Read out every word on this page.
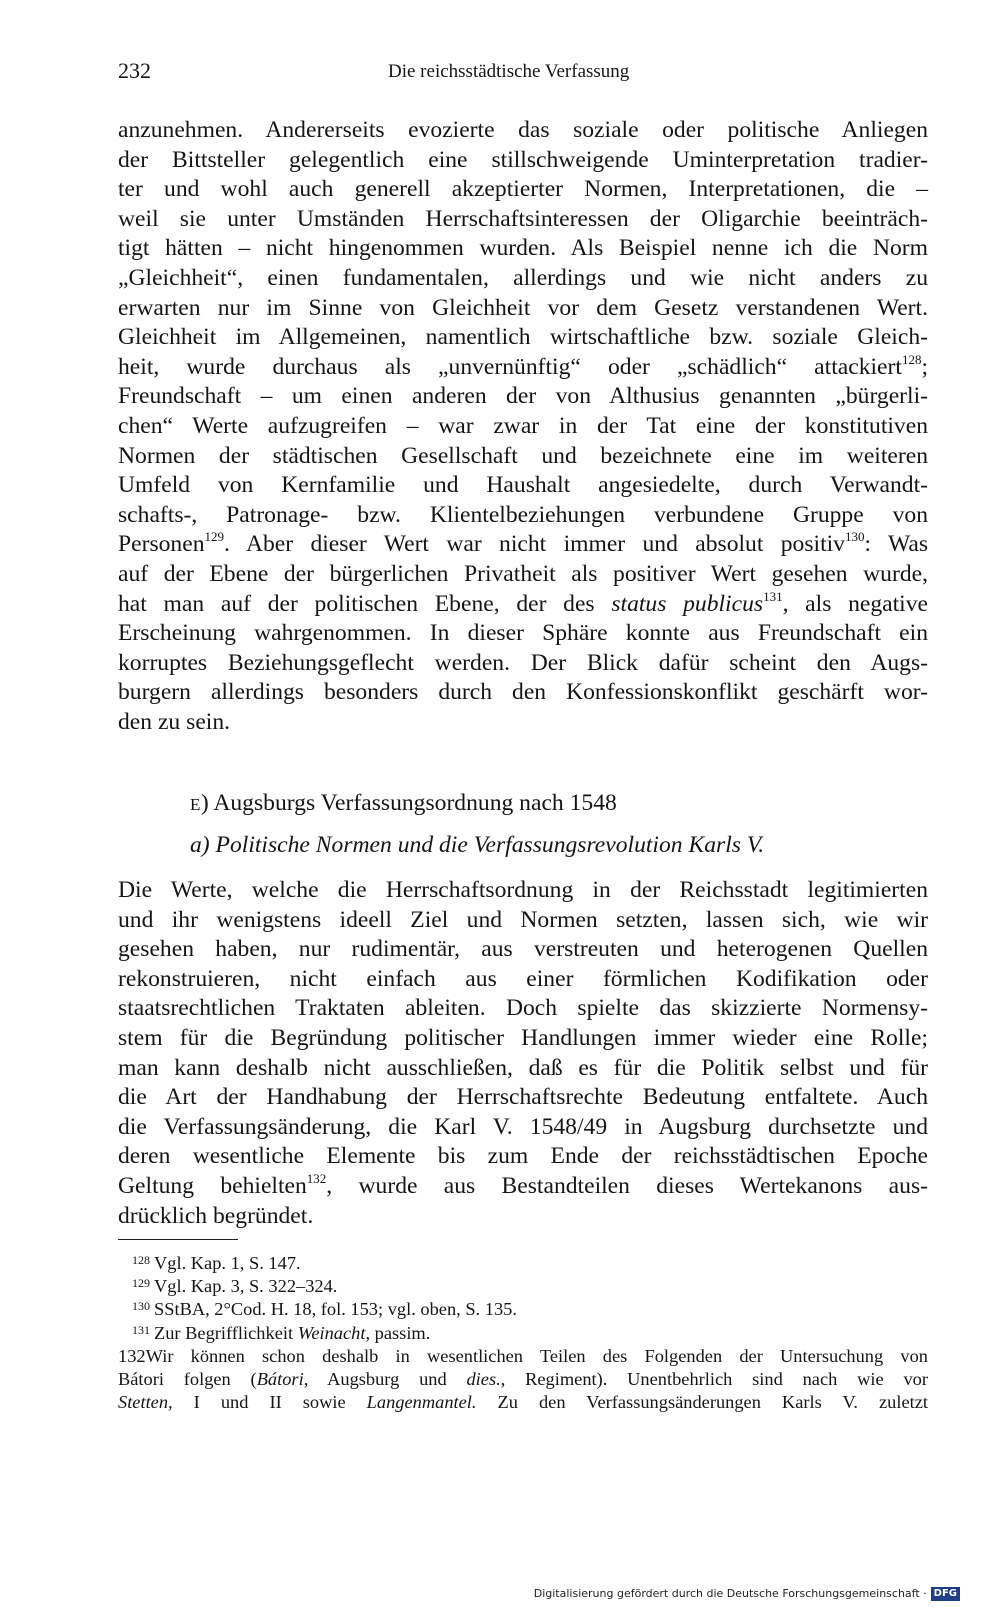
232	Die reichsstädtische Verfassung
anzunehmen. Andererseits evozierte das soziale oder politische Anliegen
der Bittsteller gelegentlich eine stillschweigende Uminterpretation tradier-
ter und wohl auch generell akzeptierter Normen, Interpretationen, die –
weil sie unter Umständen Herrschaftsinteressen der Oligarchie beeinträch-
tigt hätten – nicht hingenommen wurden. Als Beispiel nenne ich die Norm
„Gleichheit“, einen fundamentalen, allerdings und wie nicht anders zu
erwarten nur im Sinne von Gleichheit vor dem Gesetz verstandenen Wert.
Gleichheit im Allgemeinen, namentlich wirtschaftliche bzw. soziale Gleich-
heit, wurde durchaus als „unvernünftig“ oder „schädlich“ attackiert$^{128}$;
Freundschaft – um einen anderen der von Althusius genannten „bürgerli-
chen“ Werte aufzugreifen – war zwar in der Tat eine der konstitutiven
Normen der städtischen Gesellschaft und bezeichnete eine im weiteren
Umfeld von Kernfamilie und Haushalt angesiedelte, durch Verwandt-
schafts-, Patronage- bzw. Klientelbeziehungen verbundene Gruppe von
Personen$^{129}$. Aber dieser Wert war nicht immer und absolut positiv$^{130}$: Was
auf der Ebene der bürgerlichen Privatheit als positiver Wert gesehen wurde,
hat man auf der politischen Ebene, der des status publicus$^{131}$, als negative
Erscheinung wahrgenommen. In dieser Sphäre konnte aus Freundschaft ein
korruptes Beziehungsgeflecht werden. Der Blick dafür scheint den Augs-
burgern allerdings besonders durch den Konfessionskonflikt geschärft wor-
den zu sein.
E) Augsburgs Verfassungsordnung nach 1548
a) Politische Normen und die Verfassungsrevolution Karls V.
Die Werte, welche die Herrschaftsordnung in der Reichsstadt legitimierten
und ihr wenigstens ideell Ziel und Normen setzten, lassen sich, wie wir
gesehen haben, nur rudimentär, aus verstreuten und heterogenen Quellen
rekonstruieren, nicht einfach aus einer förmlichen Kodifikation oder
staatsrechtlichen Traktaten ableiten. Doch spielte das skizzierte Normensy-
stem für die Begründung politischer Handlungen immer wieder eine Rolle;
man kann deshalb nicht ausschließen, daß es für die Politik selbst und für
die Art der Handhabung der Herrschaftsrechte Bedeutung entfaltete. Auch
die Verfassungsänderung, die Karl V. 1548/49 in Augsburg durchsetzte und
deren wesentliche Elemente bis zum Ende der reichsstädtischen Epoche
Geltung behielten$^{132}$, wurde aus Bestandteilen dieses Wertekanons aus-
drücklich begründet.
$^{128}$ Vgl. Kap. 1, S. 147.
$^{129}$ Vgl. Kap. 3, S. 322–324.
$^{130}$ SStBA, 2°Cod. H. 18, fol. 153; vgl. oben, S. 135.
$^{131}$ Zur Begrifflichkeit Weinacht, passim.
132Wir können schon deshalb in wesentlichen Teilen des Folgenden der Untersuchung von
Bátori folgen (Bátori, Augsburg und dies., Regiment). Unentbehrlich sind nach wie vor
Stetten, I und II sowie Langenmantel. Zu den Verfassungsänderungen Karls V. zuletzt
Digitalisierung gefördert durch die Deutsche Forschungsgemeinschaft · DFG
